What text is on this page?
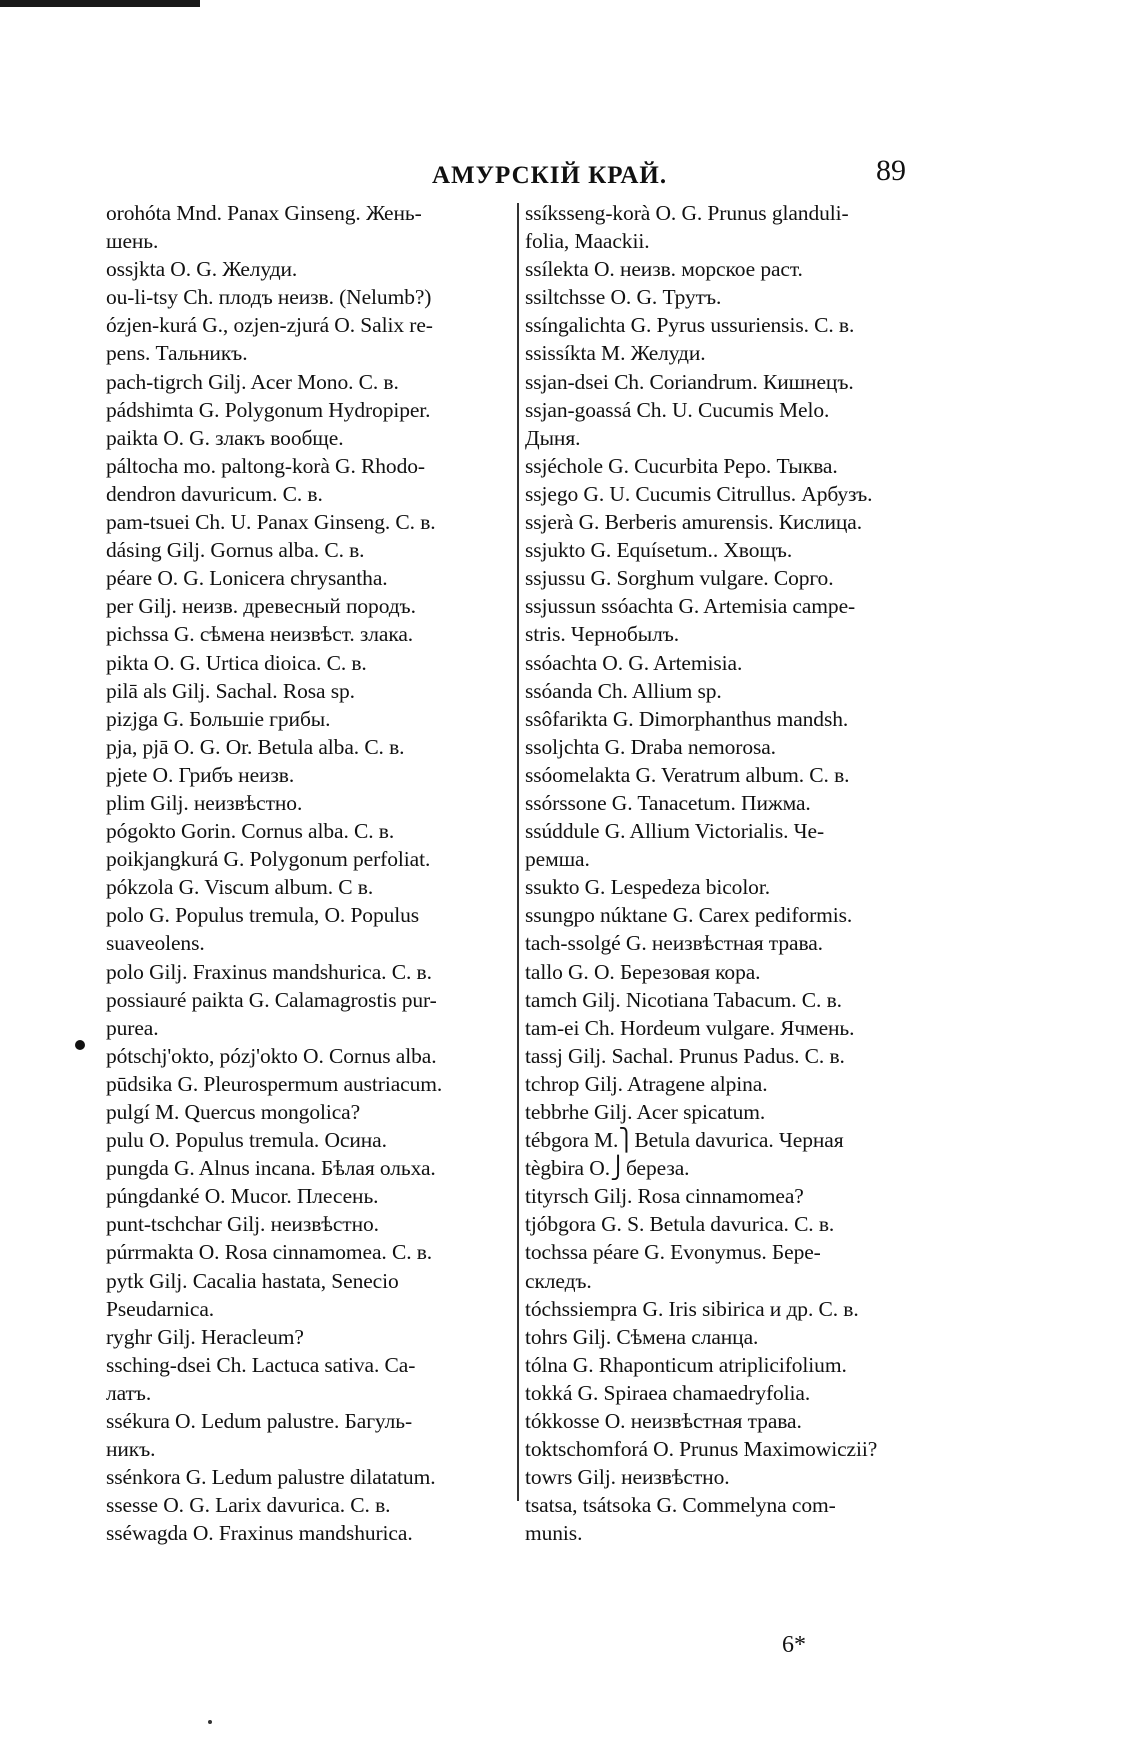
АМУРСКІЙ КРАЙ.	89

orohóta Mnd. Panax Ginseng. Жень-

шень.

ossjkta O. G. Желуди.

ou-li-tsy Ch. плодъ неизв. (Nelumb?)

ózjen-kurá G., ozjen-zjurá O. Salix re-

pens. Тальникъ.

pach-tigrch Gilj. Acer Mono. C. в.

pádshimta G. Polygonum Hydropiper.

paikta O. G. злакъ вообще.

páltocha mo. paltong-korà G. Rhodo-

dendron davuricum. C. в.

pam-tsuei Ch. U. Panax Ginseng. C. в.

dásing Gilj. Gornus alba. C. в.

péare O. G. Lonicera chrysantha.

per Gilj. неизв. древесный породъ.

pichssa G. сѣмена неизвѣст. злака.

pikta O. G. Urtica dioica. C. в.

pilā als Gilj. Sachal. Rosa sp.

pizjga G. Большіе грибы.

pja, pjā O. G. Or. Betula alba. C. в.

pjete O. Грибъ неизв.

plim Gilj. неизвѣстно.

pógokto Gorin. Cornus alba. C. в.

poikjangkurá G. Polygonum perfoliat.

pókzola G. Viscum album. C в.

polo G. Populus tremula, O. Populus

suaveolens.

polo Gilj. Fraxinus mandshurica. C. в.

possiauré paikta G. Calamagrostis pur-

purea.

pótschj'okto, pózj'okto O. Cornus alba.

pūdsika G. Pleurospermum austriacum.

pulgí M. Quercus mongolica?

pulu O. Populus tremula. Осина.

pungda G. Alnus incana. Бѣлая ольха.

púngdanké O. Mucor. Плесень.

punt-tschchar Gilj. неизвѣстно.

púrrmakta O. Rosa cinnamomea. C. в.

pytk Gilj. Cacalia hastata, Senecio

Pseudarnica.

ryghr Gilj. Heracleum?

ssching-dsei Ch. Lactuca sativa. Са-

латъ.

ssékura O. Ledum palustre. Багуль-

никъ.

ssénkora G. Ledum palustre dilatatum.

ssesse O. G. Larix davurica. C. в.

sséwagda O. Fraxinus mandshurica.

ssíksseng-korà O. G. Prunus glanduli-

folia, Maackii.

ssílekta O. неизв. морское раст.

ssiltchsse O. G. Трутъ.

ssíngalichta G. Pyrus ussuriensis. C. в.

ssissíkta M. Желуди.

ssjan-dsei Ch. Coriandrum. Кишнецъ.

ssjan-goassá Ch. U. Cucumis Melo.

Дыня.

ssjéchole G. Cucurbita Pepo. Тыква.

ssjego G. U. Cucumis Citrullus. Арбузъ.

ssjerà G. Berberis amurensis. Кислица.

ssjukto G. Equísetum.. Хвощъ.

ssjussu G. Sorghum vulgare. Сорго.

ssjussun ssóachta G. Artemisia campe-

stris. Чернобылъ.

ssóachta O. G. Artemisia.

ssóanda Ch. Allium sp.

ssôfarikta G. Dimorphanthus mandsh.

ssoljchta G. Draba nemorosa.

ssóomelakta G. Veratrum album. C. в.

ssórssone G. Tanacetum. Пижма.

ssúddule G. Allium Victorialis. Че-

ремша.

ssukto G. Lespedeza bicolor.

ssungpo núktane G. Carex pediformis.

tach-ssolgé G. неизвѣстная трава.

tallo G. O. Березовая кора.

tamch Gilj. Nicotiana Tabacum. C. в.

tam-ei Ch. Hordeum vulgare. Ячмень.

tassj Gilj. Sachal. Prunus Padus. C. в.

tchrop Gilj. Atragene alpina.

tebbrhe Gilj. Acer spicatum.

tébgora M.⎫Betula davurica. Черная

tègbira O.⎭береза.

tityrsch Gilj. Rosa cinnamomea?

tjóbgora G. S. Betula davurica. C. в.

tochssa péare G. Evonymus. Бере-

скледъ.

tóchssiempra G. Iris sibirica и др. C. в.

tohrs Gilj. Сѣмена сланца.

tólna G. Rhaponticum atriplicifolium.

tokká G. Spiraea chamaedryfolia.

tókkosse O. неизвѣстная трава.

toktschomforá O. Prunus Maximowiczii?

towrs Gilj. неизвѣстно.

tsatsa, tsátsoka G. Commelyna com-

munis.

6*
